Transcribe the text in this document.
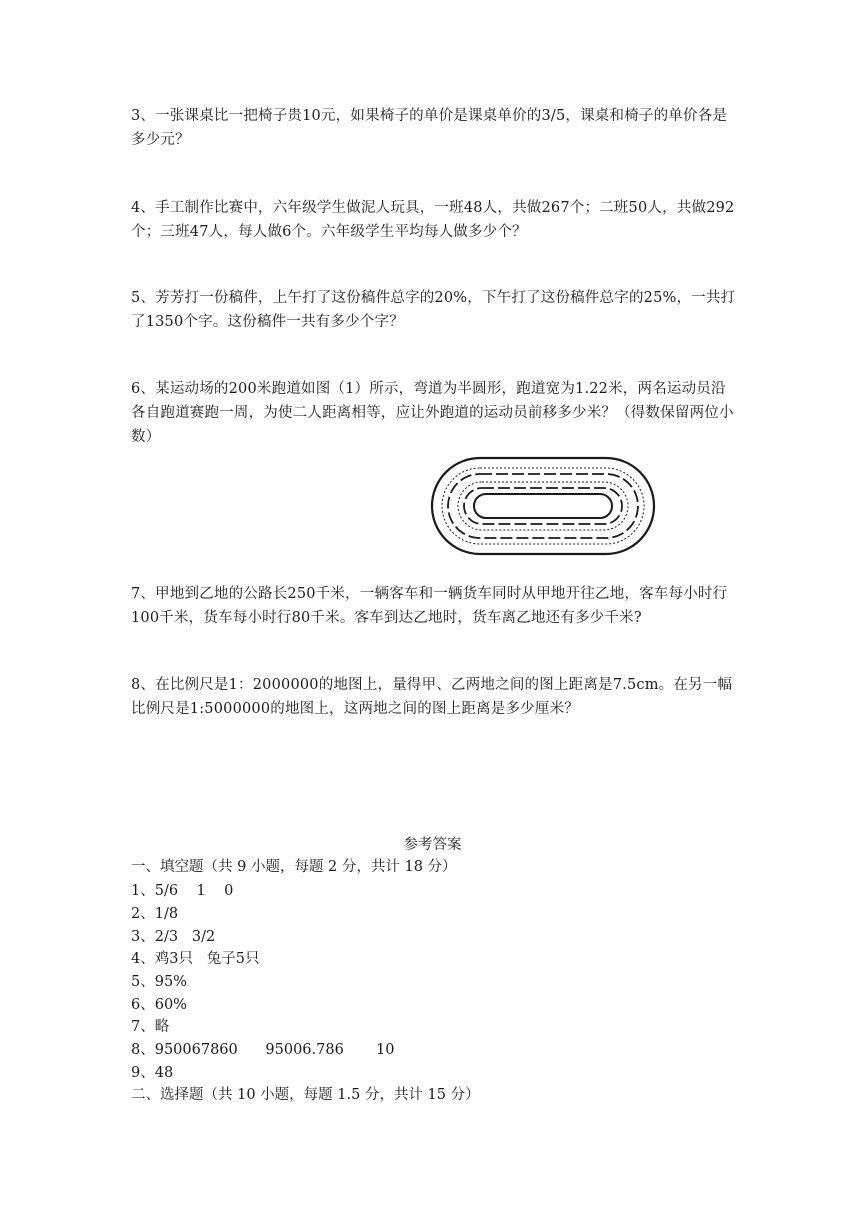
3、一张课桌比一把椅子贵10元，如果椅子的单价是课桌单价的3/5，课桌和椅子的单价各是多少元？
4、手工制作比赛中，六年级学生做泥人玩具，一班48人，共做267个；二班50人，共做292个；三班47人，每人做6个。六年级学生平均每人做多少个？
5、芳芳打一份稿件，上午打了这份稿件总字的20%，下午打了这份稿件总字的25%，一共打了1350个字。这份稿件一共有多少个字？
6、某运动场的200米跑道如图（1）所示，弯道为半圆形，跑道宽为1.22米，两名运动员沿各自跑道赛跑一周，为使二人距离相等，应让外跑道的运动员前移多少米？（得数保留两位小数）
7、甲地到乙地的公路长250千米，一辆客车和一辆货车同时从甲地开往乙地，客车每小时行100千米，货车每小时行80千米。客车到达乙地时，货车离乙地还有多少千米?
8、在比例尺是1：2000000的地图上，量得甲、乙两地之间的图上距离是7.5cm。在另一幅比例尺是1:5000000的地图上，这两地之间的图上距离是多少厘米？
参考答案
一、填空题（共 9 小题，每题 2 分，共计 18 分）
1、5/6    1    0
2、1/8
3、2/3   3/2
4、鸡3只   兔子5只
5、95%
6、60%
7、略
8、950067860      95006.786       10
9、48
二、选择题（共 10 小题，每题 1.5 分，共计 15 分）
